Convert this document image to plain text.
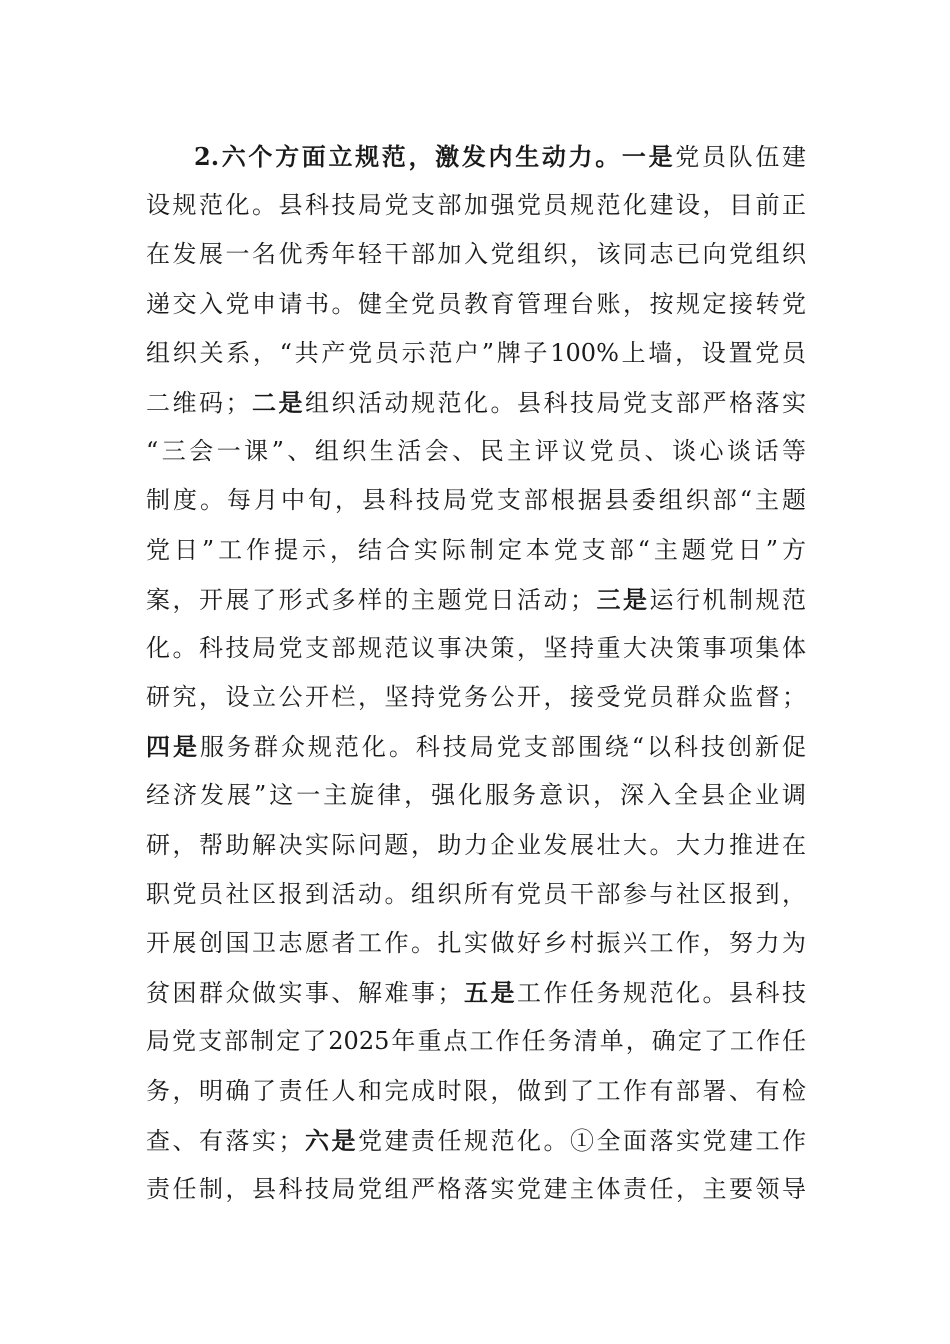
2.六个方面立规范，激发内生动力。一是党员队伍建
设规范化。县科技局党支部加强党员规范化建设，目前正
在发展一名优秀年轻干部加入党组织，该同志已向党组织
递交入党申请书。健全党员教育管理台账，按规定接转党
组织关系，“共产党员示范户”牌子100%上墙，设置党员
二维码；二是组织活动规范化。县科技局党支部严格落实
“三会一课”、组织生活会、民主评议党员、谈心谈话等
制度。每月中旬，县科技局党支部根据县委组织部“主题
党日”工作提示，结合实际制定本党支部“主题党日”方
案，开展了形式多样的主题党日活动；三是运行机制规范
化。科技局党支部规范议事决策，坚持重大决策事项集体
研究，设立公开栏，坚持党务公开，接受党员群众监督；
四是服务群众规范化。科技局党支部围绕“以科技创新促
经济发展”这一主旋律，强化服务意识，深入全县企业调
研，帮助解决实际问题，助力企业发展壮大。大力推进在
职党员社区报到活动。组织所有党员干部参与社区报到，
开展创国卫志愿者工作。扎实做好乡村振兴工作，努力为
贫困群众做实事、解难事；五是工作任务规范化。县科技
局党支部制定了2025年重点工作任务清单，确定了工作任
务，明确了责任人和完成时限，做到了工作有部署、有检
查、有落实；六是党建责任规范化。①全面落实党建工作
责任制，县科技局党组严格落实党建主体责任，主要领导
